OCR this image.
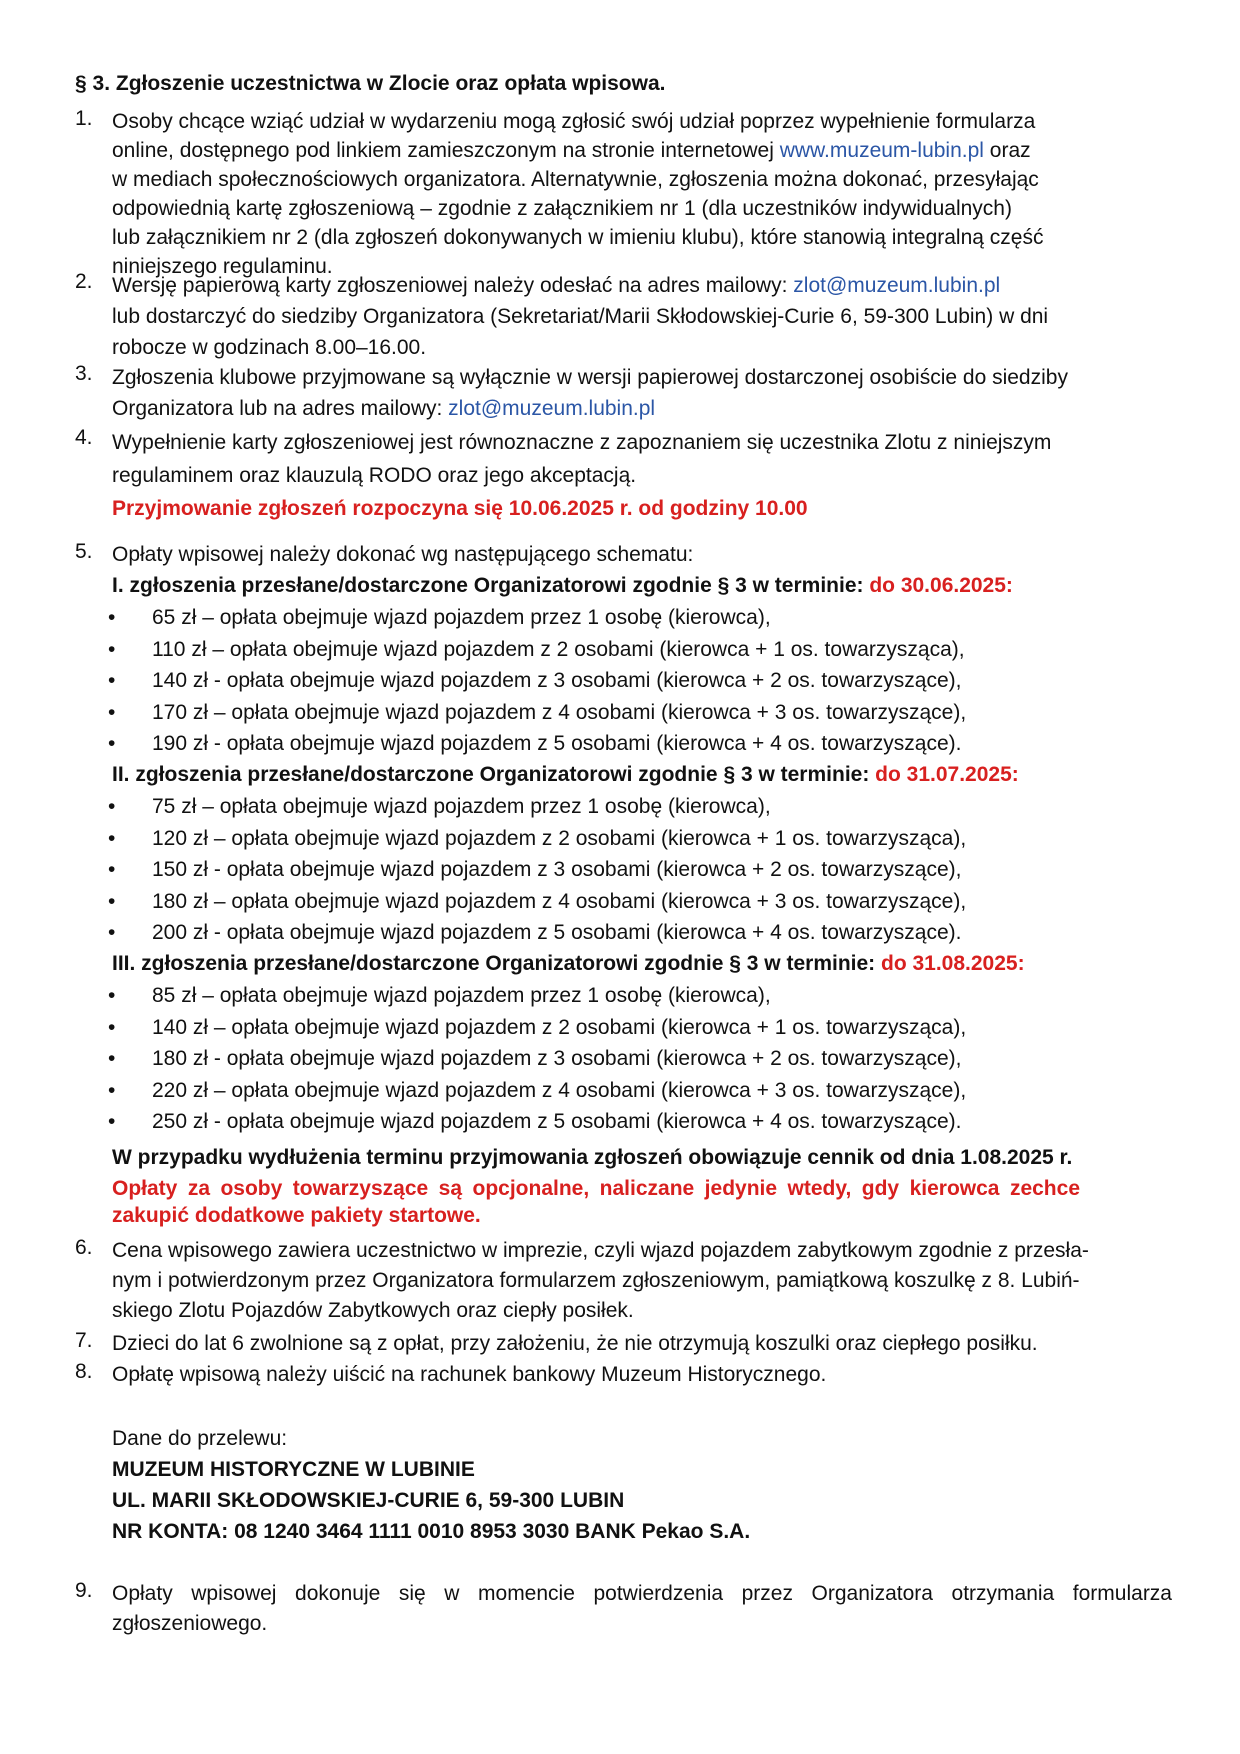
§ 3. Zgłoszenie uczestnictwa w Zlocie oraz opłata wpisowa.
1. Osoby chcące wziąć udział w wydarzeniu mogą zgłosić swój udział poprzez wypełnienie formularza

online, dostępnego pod linkiem zamieszczonym na stronie internetowej www.muzeum-lubin.pl oraz

w mediach społecznościowych organizatora. Alternatywnie, zgłoszenia można dokonać, przesyłając

odpowiednią kartę zgłoszeniową – zgodnie z załącznikiem nr 1 (dla uczestników indywidualnych)

lub załącznikiem nr 2 (dla zgłoszeń dokonywanych w imieniu klubu), które stanowią integralną część

niniejszego regulaminu.

2. Wersję papierową karty zgłoszeniowej należy odesłać na adres mailowy: zlot@muzeum.lubin.pl

lub dostarczyć do siedziby Organizatora (Sekretariat/Marii Skłodowskiej-Curie 6, 59-300 Lubin) w dni

robocze w godzinach 8.00–16.00.

3. Zgłoszenia klubowe przyjmowane są wyłącznie w wersji papierowej dostarczonej osobiście do siedziby

Organizatora lub na adres mailowy: zlot@muzeum.lubin.pl

4. Wypełnienie karty zgłoszeniowej jest równoznaczne z zapoznaniem się uczestnika Zlotu z niniejszym

regulaminem oraz klauzulą RODO oraz jego akceptacją.

Przyjmowanie zgłoszeń rozpoczyna się 10.06.2025 r. od godziny 10.00

5. Opłaty wpisowej należy dokonać wg następującego schematu:
I. zgłoszenia przesłane/dostarczone Organizatorowi zgodnie § 3 w terminie: do 30.06.2025:
• 65 zł – opłata obejmuje wjazd pojazdem przez 1 osobę (kierowca),
• 110 zł – opłata obejmuje wjazd pojazdem z 2 osobami (kierowca + 1 os. towarzysząca),
• 140 zł - opłata obejmuje wjazd pojazdem z 3 osobami (kierowca + 2 os. towarzyszące),
• 170 zł – opłata obejmuje wjazd pojazdem z 4 osobami (kierowca + 3 os. towarzyszące),
• 190 zł - opłata obejmuje wjazd pojazdem z 5 osobami (kierowca + 4 os. towarzyszące).
II. zgłoszenia przesłane/dostarczone Organizatorowi zgodnie § 3 w terminie: do 31.07.2025:
• 75 zł – opłata obejmuje wjazd pojazdem przez 1 osobę (kierowca),
• 120 zł – opłata obejmuje wjazd pojazdem z 2 osobami (kierowca + 1 os. towarzysząca),
• 150 zł - opłata obejmuje wjazd pojazdem z 3 osobami (kierowca + 2 os. towarzyszące),
• 180 zł – opłata obejmuje wjazd pojazdem z 4 osobami (kierowca + 3 os. towarzyszące),
• 200 zł - opłata obejmuje wjazd pojazdem z 5 osobami (kierowca + 4 os. towarzyszące).
III. zgłoszenia przesłane/dostarczone Organizatorowi zgodnie § 3 w terminie: do 31.08.2025:
• 85 zł – opłata obejmuje wjazd pojazdem przez 1 osobę (kierowca),
• 140 zł – opłata obejmuje wjazd pojazdem z 2 osobami (kierowca + 1 os. towarzysząca),
• 180 zł - opłata obejmuje wjazd pojazdem z 3 osobami (kierowca + 2 os. towarzyszące),
• 220 zł – opłata obejmuje wjazd pojazdem z 4 osobami (kierowca + 3 os. towarzyszące),
• 250 zł - opłata obejmuje wjazd pojazdem z 5 osobami (kierowca + 4 os. towarzyszące).
W przypadku wydłużenia terminu przyjmowania zgłoszeń obowiązuje cennik od dnia 1.08.2025 r.

Opłaty za osoby towarzyszące są opcjonalne, naliczane jedynie wtedy, gdy kierowca zechce

zakupić dodatkowe pakiety startowe.

6. Cena wpisowego zawiera uczestnictwo w imprezie, czyli wjazd pojazdem zabytkowym zgodnie z przesła-

nym i potwierdzonym przez Organizatora formularzem zgłoszeniowym, pamiątkową koszulkę z 8. Lubiń-

skiego Zlotu Pojazdów Zabytkowych oraz ciepły posiłek.

7. Dzieci do lat 6 zwolnione są z opłat, przy założeniu, że nie otrzymują koszulki oraz ciepłego posiłku.
8. Opłatę wpisową należy uiścić na rachunek bankowy Muzeum Historycznego.
Dane do przelewu:
MUZEUM HISTORYCZNE W LUBINIE
UL. MARII SKŁODOWSKIEJ-CURIE 6, 59-300 LUBIN
NR KONTA: 08 1240 3464 1111 0010 8953 3030 BANK Pekao S.A.
9. Opłaty wpisowej dokonuje się w momencie potwierdzenia przez Organizatora otrzymania formularza

zgłoszeniowego.
